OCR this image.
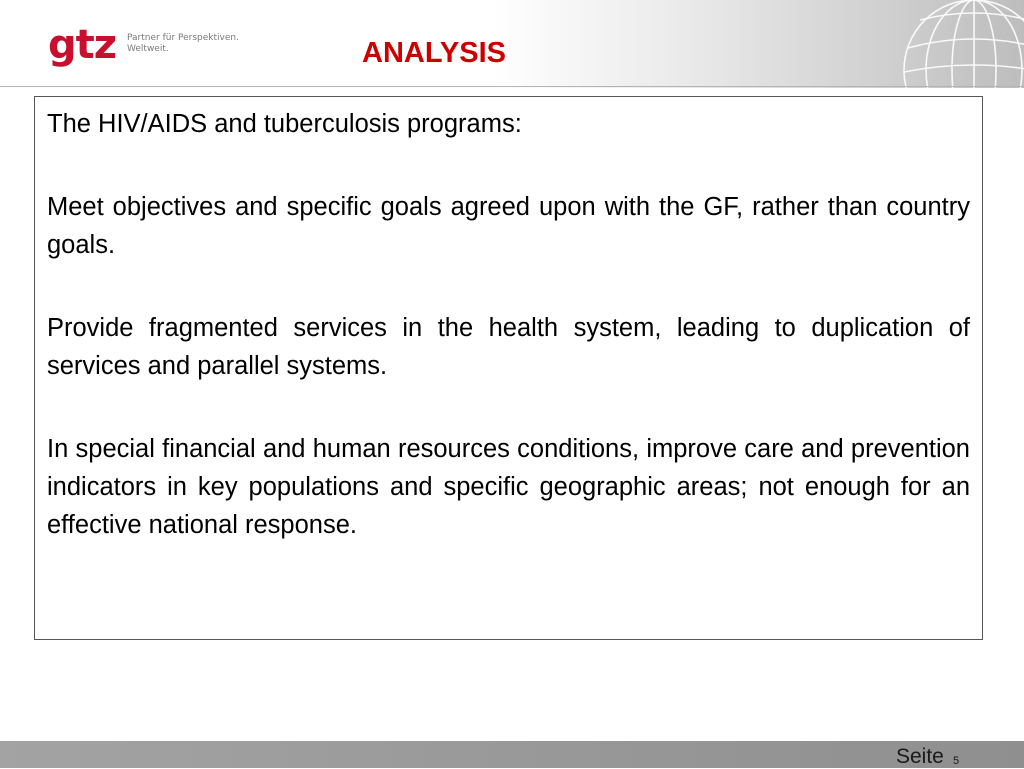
gtz Partner für Perspektiven.
Weltweit.	ANALYSIS

The HIV/AIDS and tuberculosis programs:

Meet objectives and specific goals agreed upon with the GF, rather than country goals.

Provide fragmented services in the health system, leading to duplication of services and parallel systems.

In special financial and human resources conditions, improve care and prevention indicators in key populations and specific geographic areas; not enough for an effective national response.

Seite 5
